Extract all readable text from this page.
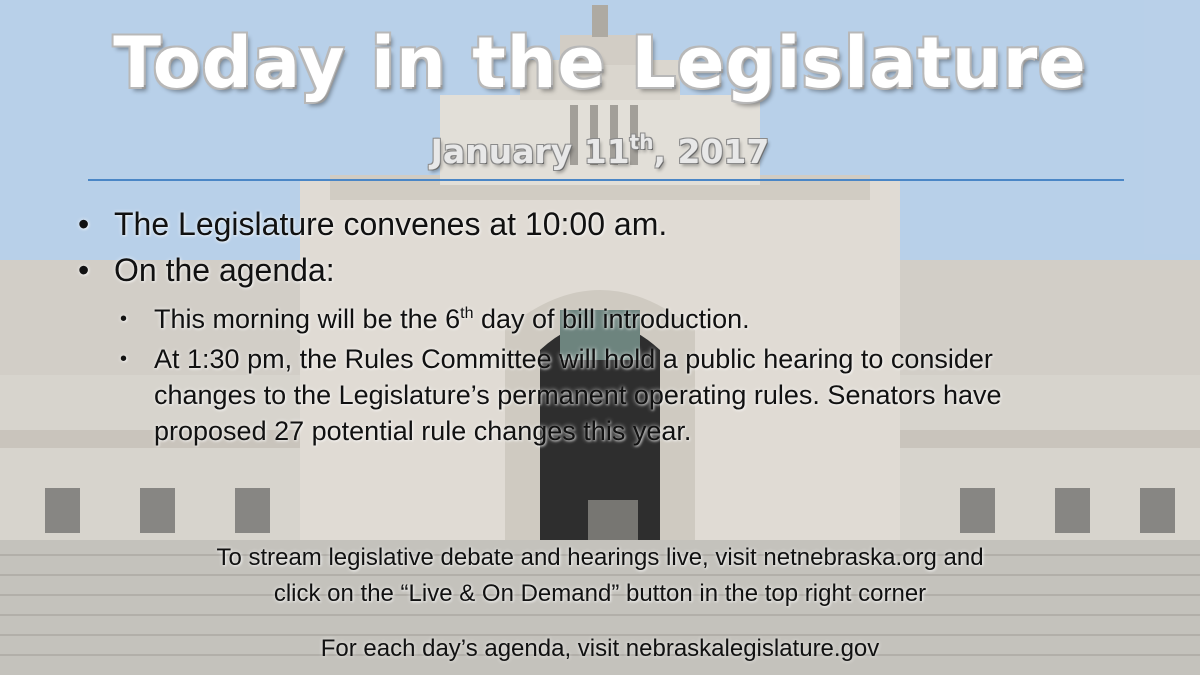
Today in the Legislature
January 11th, 2017
• The Legislature convenes at 10:00 am.
• On the agenda:
• This morning will be the 6th day of bill introduction.
• At 1:30 pm, the Rules Committee will hold a public hearing to consider changes to the Legislature’s permanent operating rules. Senators have proposed 27 potential rule changes this year.
To stream legislative debate and hearings live, visit netnebraska.org and
click on the “Live & On Demand” button in the top right corner
For each day’s agenda, visit nebraskalegislature.gov
